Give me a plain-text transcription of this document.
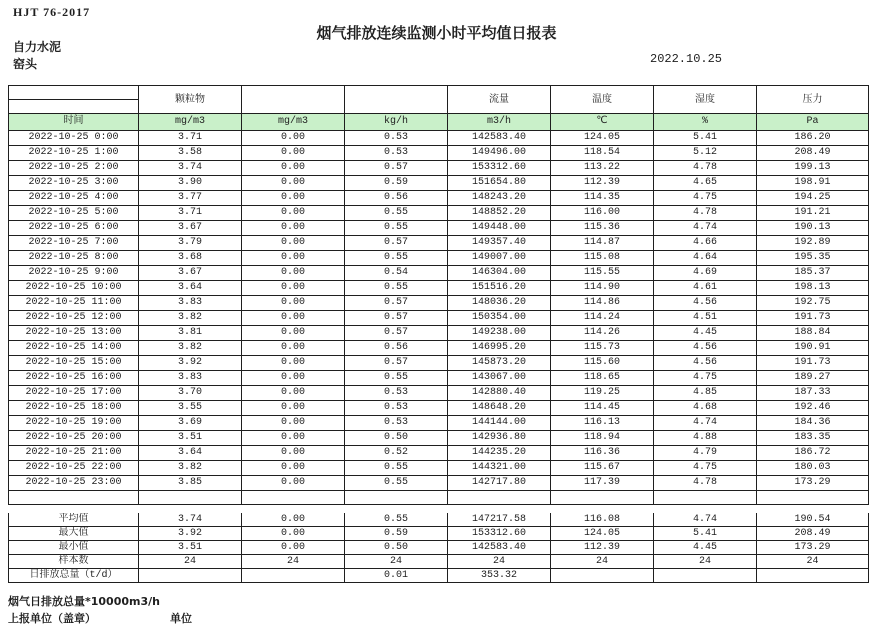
HJT 76-2017
烟气排放连续监测小时平均值日报表
自力水泥
窑头	2022.10.25
	颗粒物			流量	温度	湿度	压力

时间	mg/m3	mg/m3	kg/h	m3/h	℃	%	Pa
2022-10-25 0:00	3.71	0.00	0.53	142583.40	124.05	5.41	186.20
2022-10-25 1:00	3.58	0.00	0.53	149496.00	118.54	5.12	208.49
2022-10-25 2:00	3.74	0.00	0.57	153312.60	113.22	4.78	199.13
2022-10-25 3:00	3.90	0.00	0.59	151654.80	112.39	4.65	198.91
2022-10-25 4:00	3.77	0.00	0.56	148243.20	114.35	4.75	194.25
2022-10-25 5:00	3.71	0.00	0.55	148852.20	116.00	4.78	191.21
2022-10-25 6:00	3.67	0.00	0.55	149448.00	115.36	4.74	190.13
2022-10-25 7:00	3.79	0.00	0.57	149357.40	114.87	4.66	192.89
2022-10-25 8:00	3.68	0.00	0.55	149007.00	115.08	4.64	195.35
2022-10-25 9:00	3.67	0.00	0.54	146304.00	115.55	4.69	185.37
2022-10-25 10:00	3.64	0.00	0.55	151516.20	114.90	4.61	198.13
2022-10-25 11:00	3.83	0.00	0.57	148036.20	114.86	4.56	192.75
2022-10-25 12:00	3.82	0.00	0.57	150354.00	114.24	4.51	191.73
2022-10-25 13:00	3.81	0.00	0.57	149238.00	114.26	4.45	188.84
2022-10-25 14:00	3.82	0.00	0.56	146995.20	115.73	4.56	190.91
2022-10-25 15:00	3.92	0.00	0.57	145873.20	115.60	4.56	191.73
2022-10-25 16:00	3.83	0.00	0.55	143067.00	118.65	4.75	189.27
2022-10-25 17:00	3.70	0.00	0.53	142880.40	119.25	4.85	187.33
2022-10-25 18:00	3.55	0.00	0.53	148648.20	114.45	4.68	192.46
2022-10-25 19:00	3.69	0.00	0.53	144144.00	116.13	4.74	184.36
2022-10-25 20:00	3.51	0.00	0.50	142936.80	118.94	4.88	183.35
2022-10-25 21:00	3.64	0.00	0.52	144235.20	116.36	4.79	186.72
2022-10-25 22:00	3.82	0.00	0.55	144321.00	115.67	4.75	180.03
2022-10-25 23:00	3.85	0.00	0.55	142717.80	117.39	4.78	173.29

平均值	3.74	0.00	0.55	147217.58	116.08	4.74	190.54
最大值	3.92	0.00	0.59	153312.60	124.05	5.41	208.49
最小值	3.51	0.00	0.50	142583.40	112.39	4.45	173.29
样本数	24	24	24	24	24	24	24
日排放总量（t/d）			0.01	353.32			
烟气日排放总量*10000m3/h
上报单位（盖章）	单位
